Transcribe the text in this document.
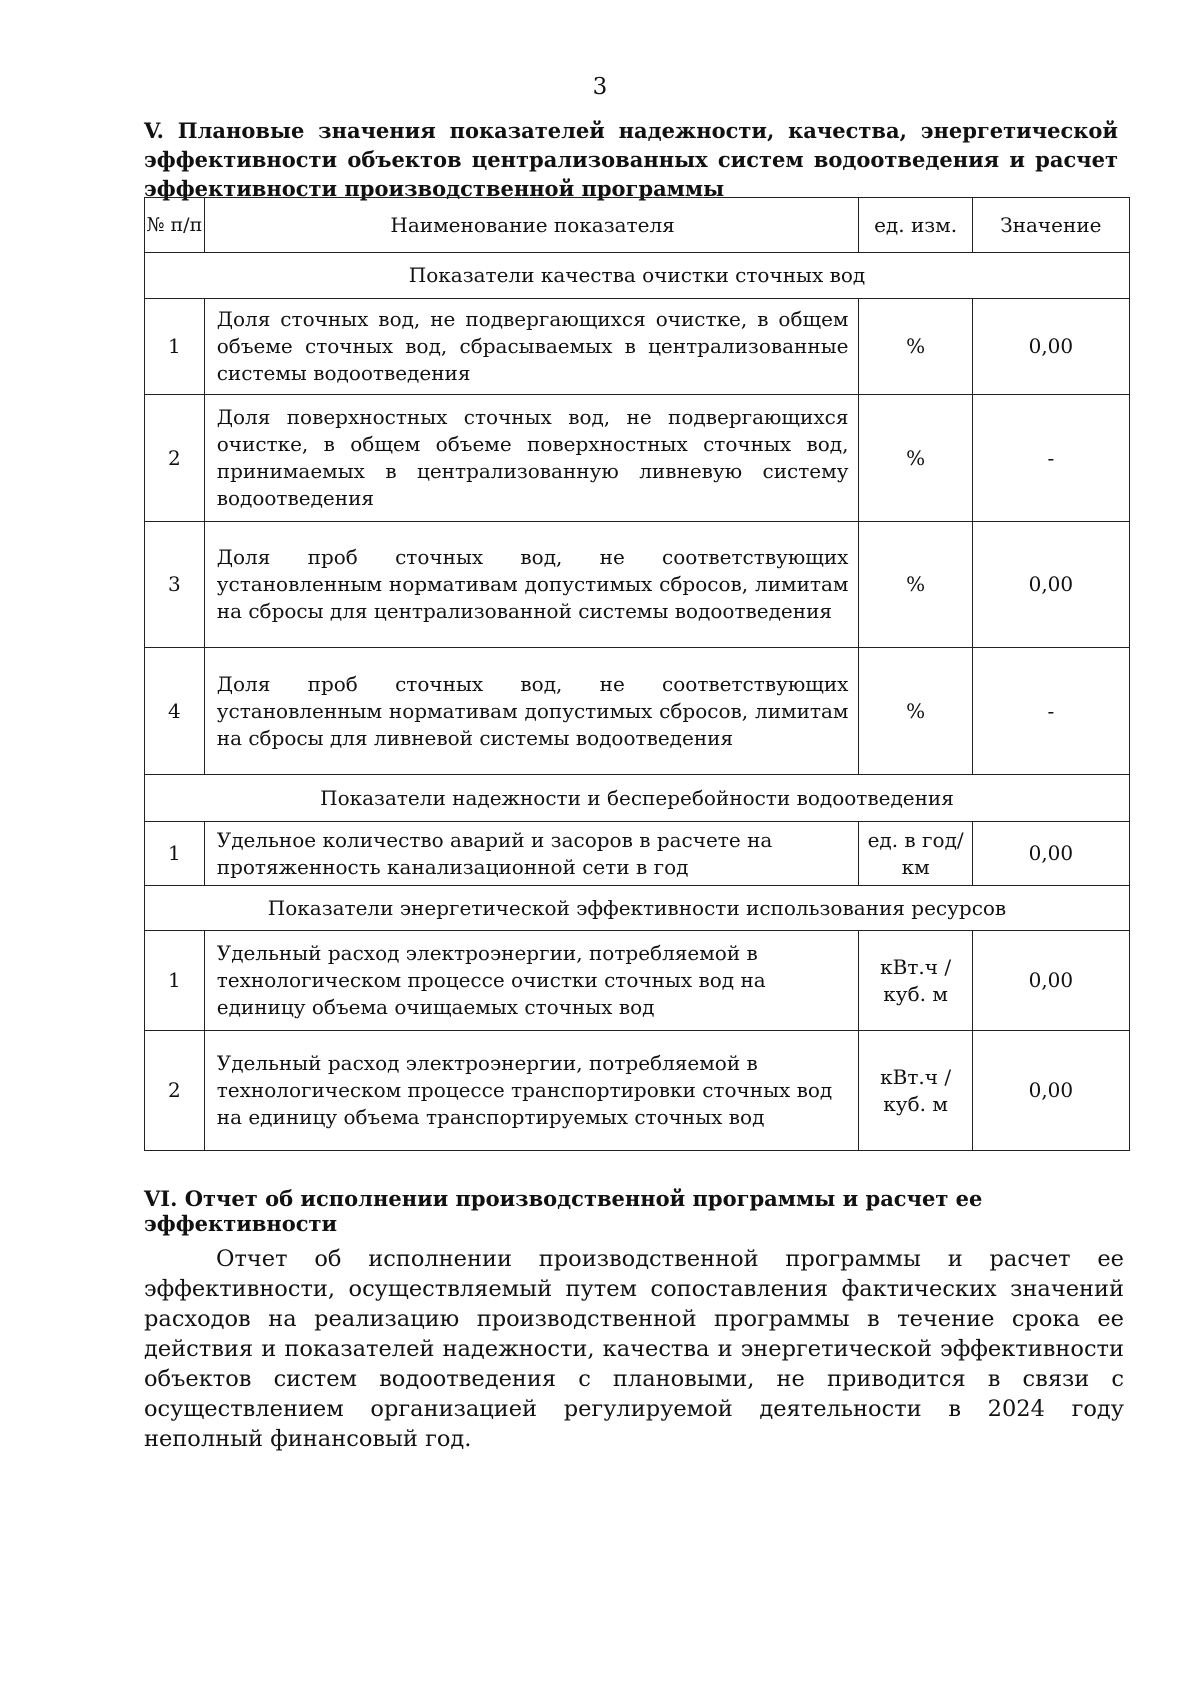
3
V. Плановые значения показателей надежности, качества, энергетической
эффективности объектов централизованных систем водоотведения и расчет
эффективности производственной программы
№ п/п	Наименование показателя	ед. изм.	Значение
Показатели качества очистки сточных вод			
1	Доля сточных вод, не подвергающихся очистке, в общем объеме сточных вод, сбрасываемых в централизованные системы водоотведения	%	0,00
2	Доля поверхностных сточных вод, не подвергающихся очистке, в общем объеме поверхностных сточных вод, принимаемых в централизованную ливневую систему водоотведения	%	-
3	Доля проб сточных вод, не соответствующих установленным нормативам допустимых сбросов, лимитам на сбросы для централизованной системы водоотведения	%	0,00
4	Доля проб сточных вод, не соответствующих установленным нормативам допустимых сбросов, лимитам на сбросы для ливневой системы водоотведения	%	-
Показатели надежности и бесперебойности водоотведения			
1	Удельное количество аварий и засоров в расчете на протяженность канализационной сети в год	ед. в год/ км	0,00
Показатели энергетической эффективности использования ресурсов			
1	Удельный расход электроэнергии, потребляемой в технологическом процессе очистки сточных вод на единицу объема очищаемых сточных вод	кВт.ч / куб. м	0,00
2	Удельный расход электроэнергии, потребляемой в технологическом процессе транспортировки сточных вод на единицу объема транспортируемых сточных вод	кВт.ч / куб. м	0,00
VI. Отчет об исполнении производственной программы и расчет ее эффективности
Отчет об исполнении производственной программы и расчет ее эффективности, осуществляемый путем сопоставления фактических значений расходов на реализацию производственной программы в течение срока ее действия и показателей надежности, качества и энергетической эффективности объектов систем водоотведения с плановыми, не приводится в связи с осуществлением организацией регулируемой деятельности в 2024 году неполный финансовый год.
